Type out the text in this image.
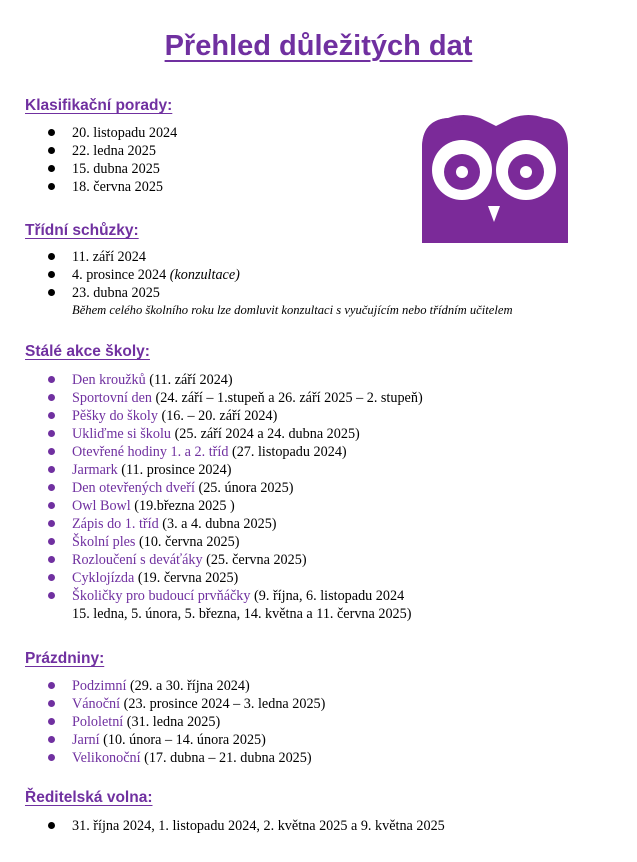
Přehled důležitých dat
Klasifikační porady:
20. listopadu 2024
22. ledna 2025
15. dubna 2025
18. června 2025
Třídní schůzky:
11. září 2024
4. prosince 2024 (konzultace)
23. dubna 2025
Během celého školního roku lze domluvit konzultaci s vyučujícím nebo třídním učitelem
Stálé akce školy:
Den kroužků (11. září 2024)
Sportovní den (24. září – 1.stupeň a 26. září 2025 – 2. stupeň)
Pěšky do školy (16. – 20. září 2024)
Ukliďme si školu (25. září 2024 a 24. dubna 2025)
Otevřené hodiny 1. a 2. tříd (27. listopadu 2024)
Jarmark (11. prosince 2024)
Den otevřených dveří (25. února 2025)
Owl Bowl (19.března 2025 )
Zápis do 1. tříd (3. a 4. dubna 2025)
Školní ples (10. června 2025)
Rozloučení s deváťáky (25. června 2025)
Cyklojízda (19. června 2025)
Školičky pro budoucí prvňáčky (9. října, 6. listopadu 2024
15. ledna, 5. února, 5. března, 14. května a 11. června 2025)
Prázdniny:
Podzimní (29. a 30. října 2024)
Vánoční (23. prosince 2024 – 3. ledna 2025)
Pololetní (31. ledna 2025)
Jarní (10. února – 14. února 2025)
Velikonoční (17. dubna – 21. dubna 2025)
Ředitelská volna:
31. října 2024, 1. listopadu 2024, 2. května 2025 a 9. května 2025
